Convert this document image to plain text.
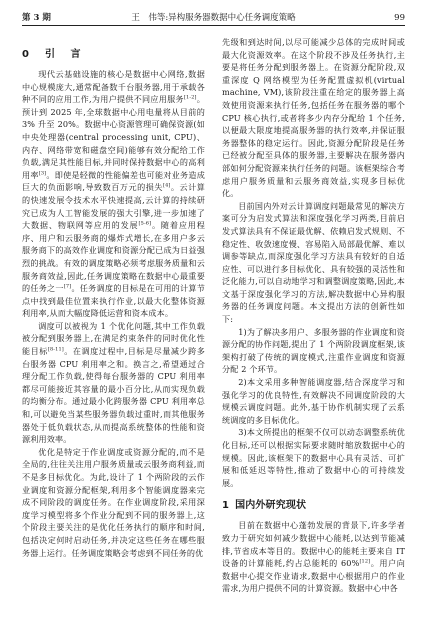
第 3 期	王　伟等:异构服务器数据中心任务调度策略	99
0 引 言

现代云基础设施的核心是数据中心网络,数据中心规模庞大,通常配备数千台服务器,用于承载各种不同的应用工作,为用户提供不同应用服务[1-2]。预计到 2025 年,全球数据中心用电量将从目前的 3% 升至 20%。数据中心资源管理可确保资源(如中央处理器(central processing unit, CPU)、内存、网络带宽和磁盘空间)能够有效分配给工作负载,满足其性能目标,并同时保持数据中心的高利用率[3]。即使是轻微的性能偏差也可能对业务造成巨大的负面影响,导致数百万元的损失[4]。云计算的快速发展令技术水平快速提高,云计算的持续研究已成为人工智能发展的强大引擎,进一步加速了大数据、物联网等应用的发展[5-6]。随着应用程序、用户和云服务商的爆炸式增长,在多用户多云服务商下的高效作业调度和资源分配已成为日益强烈的挑战。有效的调度策略必须考虑服务质量和云服务商效益,因此,任务调度策略在数据中心最重要的任务之一[7]。任务调度的目标是在可用的计算节点中找到最佳位置来执行作业,以最大化整体资源利用率,从而大幅度降低运营和资本成本。

调度可以被视为 1 个优化问题,其中工作负载被分配到服务器上,在满足约束条件的同时优化性能目标[8-11]。在调度过程中,目标是尽量减少跨多台服务器 CPU 利用率之和。换言之,希望通过合理分配工作负载,使得每台服务器的 CPU 利用率都尽可能接近其容量的最小百分比,从而实现负载的均衡分布。通过最小化跨服务器 CPU 利用率总和,可以避免当某些服务器负载过重时,而其他服务器处于低负载状态,从而提高系统整体的性能和资源利用效率。

优化是特定于作业调度或资源分配的,而不是全局的,往往关注用户服务质量或云服务商利益,而不是多目标优化。为此,设计了 1 个两阶段的云作业调度和资源分配框架,利用多个智能调度器来完成不同阶段的调度任务。在作业调度阶段,采用深度学习模型将多个作业分配到不同的服务器上,这个阶段主要关注的是优化任务执行的顺序和时间,包括决定何时启动任务,并决定这些任务在哪些服务器上运行。任务调度策略会考虑到不同任务的优

先级和到达时间,以尽可能减少总体的完成时间或最大化资源效率。在这个阶段不涉及任务执行,主要是将任务分配到服务器上。在资源分配阶段,双重深度 Q 网络模型为任务配置虚拟机(virtual machine, VM),该阶段注重在给定的服务器上高效使用资源来执行任务,包括任务在服务器的哪个 CPU 核心执行,或者将多少内存分配给 1 个任务,以便最大限度地提高服务器的执行效率,并保证服务器整体的稳定运行。因此,资源分配阶段是任务已经被分配至具体的服务器,主要解决在服务器内部如何分配资源来执行任务的问题。该框架综合考虑用户服务质量和云服务商效益,实现多目标优化。

目前国内外对云计算调度问题最常见的解决方案可分为启发式算法和深度强化学习两类,目前启发式算法具有不保证最优解、依赖启发式规则、不稳定性、收敛速度慢、容易陷入局部最优解、难以调参等缺点,而深度强化学习方法具有较好的自适应性、可以进行多目标优化、具有较强的灵活性和泛化能力,可以自动地学习和调整调度策略,因此,本文基于深度强化学习的方法,解决数据中心异构服务器的任务调度问题。本文提出方法的创新性如下:

1)为了解决多用户、多服务器的作业调度和资源分配的协作问题,提出了 1 个两阶段调度框架,该架构打破了传统的调度模式,注重作业调度和资源分配 2 个环节。

2)本文采用多种智能调度器,结合深度学习和强化学习的优良特性,有效解决不同调度阶段的大规模云调度问题。此外,基于协作机制实现了云系统调度的多目标优化。

3)本文所提出的框架不仅可以动态调整系统优化目标,还可以根据实际要求随时缩放数据中心的规模。因此,该框架下的数据中心具有灵活、可扩展和低延迟等特性,推动了数据中心的可持续发展。

1 国内外研究现状

目前在数据中心蓬勃发展的背景下,许多学者致力于研究如何减少数据中心能耗,以达到节能减排,节省成本等目的。数据中心的能耗主要来自 IT 设备的计算能耗,约占总能耗的 60%[12]。用户向数据中心提交作业请求,数据中心根据用户的作业需求,为用户提供不同的计算资源。数据中心中各
